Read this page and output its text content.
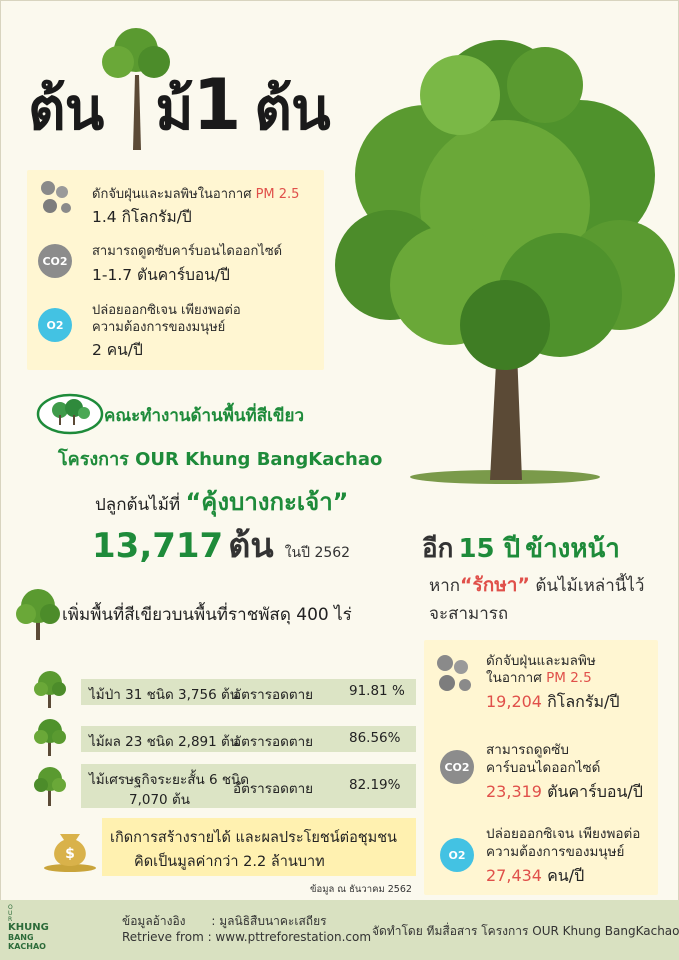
ต้น ม้1 ต้น
ดักจับฝุ่นและมลพิษในอากาศ PM 2.5
1.4 กิโลกรัม/ปี
CO2
สามารถดูดซับคาร์บอนไดออกไซด์
1-1.7 ตันคาร์บอน/ปี
O2
ปล่อยออกซิเจน เพียงพอต่อ
ความต้องการของมนุษย์
2 คน/ปี
คณะทำงานด้านพื้นที่สีเขียว
โครงการ OUR Khung BangKachao
ปลูกต้นไม้ที่ “คุ้งบางกะเจ้า”
13,717 ต้น ในปี 2562	อีก 15 ปี ข้างหน้า
หาก“รักษา” ต้นไม้เหล่านี้ไว้
จะสามารถ
เพิ่มพื้นที่สีเขียวบนพื้นที่ราชพัสดุ 400 ไร่
ไม้ป่า 31 ชนิด 3,756 ต้น
อัตรารอดตาย	91.81 %
ไม้ผล 23 ชนิด 2,891 ต้น
อัตรารอดตาย	86.56%
ไม้เศรษฐกิจระยะสั้น 6 ชนิด
7,070 ต้น
อัตรารอดตาย	82.19%
$
เกิดการสร้างรายได้ และผลประโยชน์ต่อชุมชน
คิดเป็นมูลค่ากว่า 2.2 ล้านบาท
ข้อมูล ณ ธันวาคม 2562
ดักจับฝุ่นและมลพิษ
ในอากาศ PM 2.5
19,204 กิโลกรัม/ปี
CO2
สามารถดูดซับ
คาร์บอนไดออกไซด์
23,319 ตันคาร์บอน/ปี
O2
ปล่อยออกซิเจน เพียงพอต่อ
ความต้องการของมนุษย์
27,434 คน/ปี
O
U
R
KHUNG
BANG
KACHAO
ข้อมูลอ้างอิง : มูลนิธิสืบนาคะเสถียร
Retrieve from : www.pttreforestation.com จัดทำโดย ทีมสื่อสาร โครงการ OUR Khung BangKachao
